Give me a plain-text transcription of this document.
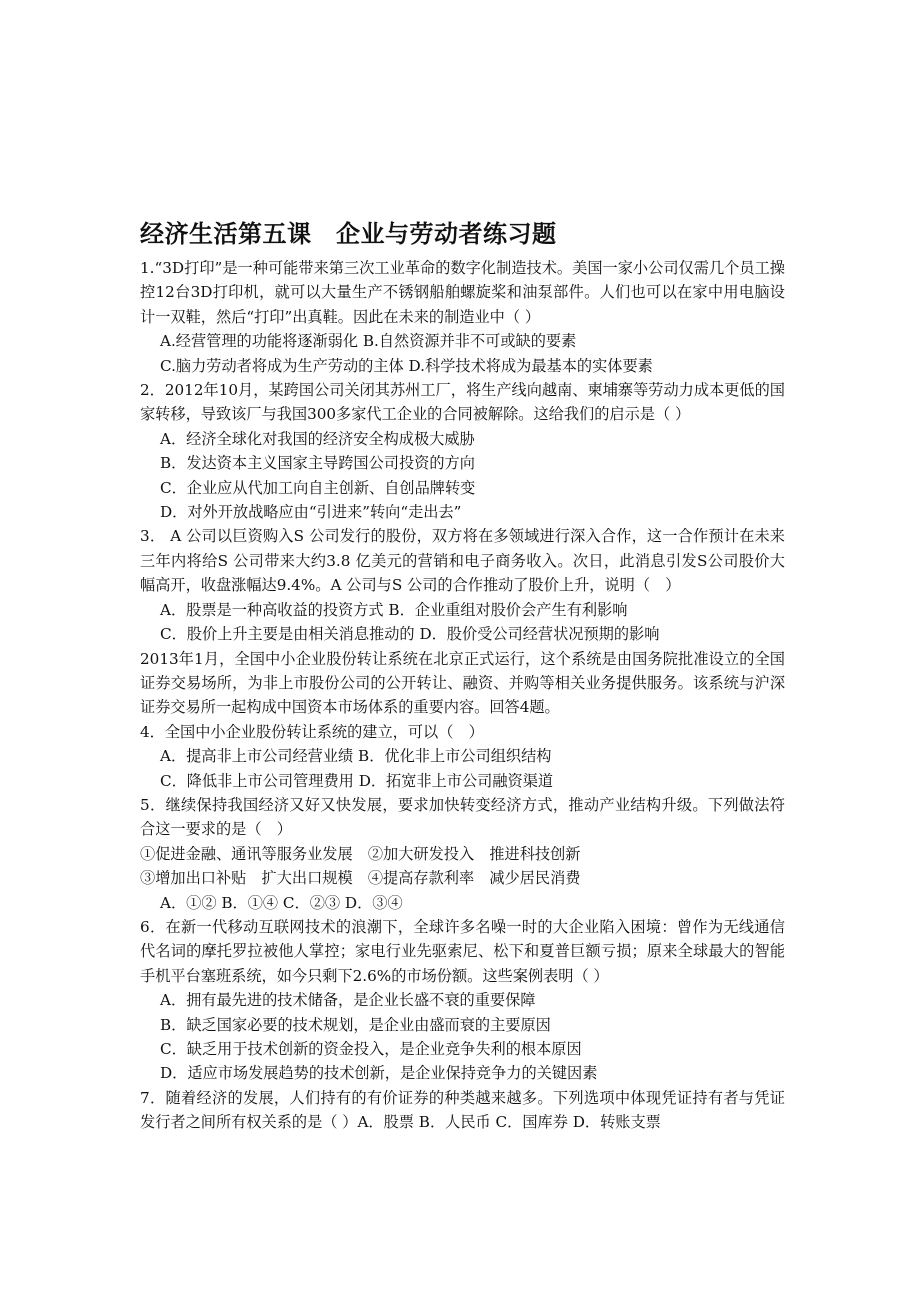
经济生活第五课　企业与劳动者练习题

1.“3D打印”是一种可能带来第三次工业革命的数字化制造技术。美国一家小公司仅需几个员工操控12台3D打印机，就可以大量生产不锈钢船舶螺旋桨和油泵部件。人们也可以在家中用电脑设计一双鞋，然后“打印”出真鞋。因此在未来的制造业中（ ）

A.经营管理的功能将逐渐弱化 B.自然资源并非不可或缺的要素

C.脑力劳动者将成为生产劳动的主体 D.科学技术将成为最基本的实体要素

2．2012年10月，某跨国公司关闭其苏州工厂，将生产线向越南、柬埔寨等劳动力成本更低的国家转移，导致该厂与我国300多家代工企业的合同被解除。这给我们的启示是（ ）

A．经济全球化对我国的经济安全构成极大威胁

B．发达资本主义国家主导跨国公司投资的方向

C．企业应从代加工向自主创新、自创品牌转变

D．对外开放战略应由“引进来”转向“走出去”

3． A 公司以巨资购入S 公司发行的股份，双方将在多领域进行深入合作，这一合作预计在未来三年内将给S 公司带来大约3.8 亿美元的营销和电子商务收入。次日，此消息引发S公司股价大幅高开，收盘涨幅达9.4%。A 公司与S 公司的合作推动了股价上升，说明（　）

A．股票是一种高收益的投资方式 B．企业重组对股价会产生有利影响

C．股价上升主要是由相关消息推动的 D．股价受公司经营状况预期的影响

2013年1月，全国中小企业股份转让系统在北京正式运行，这个系统是由国务院批准设立的全国证券交易场所，为非上市股份公司的公开转让、融资、并购等相关业务提供服务。该系统与沪深证券交易所一起构成中国资本市场体系的重要内容。回答4题。

4．全国中小企业股份转让系统的建立，可以（　）

A．提高非上市公司经营业绩 B．优化非上市公司组织结构

C．降低非上市公司管理费用 D．拓宽非上市公司融资渠道

5．继续保持我国经济又好又快发展，要求加快转变经济方式，推动产业结构升级。下列做法符合这一要求的是（　）

①促进金融、通讯等服务业发展　②加大研发投入　推进科技创新

③增加出口补贴　扩大出口规模　④提高存款利率　减少居民消费

A．①② B．①④ C．②③ D．③④

6．在新一代移动互联网技术的浪潮下，全球许多名噪一时的大企业陷入困境：曾作为无线通信代名词的摩托罗拉被他人掌控；家电行业先驱索尼、松下和夏普巨额亏损；原来全球最大的智能手机平台塞班系统，如今只剩下2.6%的市场份额。这些案例表明（ ）

A．拥有最先进的技术储备，是企业长盛不衰的重要保障

B．缺乏国家必要的技术规划，是企业由盛而衰的主要原因

C．缺乏用于技术创新的资金投入，是企业竞争失利的根本原因

D．适应市场发展趋势的技术创新，是企业保持竞争力的关键因素

7．随着经济的发展，人们持有的有价证券的种类越来越多。下列选项中体现凭证持有者与凭证发行者之间所有权关系的是（ ）A．股票 B．人民币 C．国库券 D．转账支票
